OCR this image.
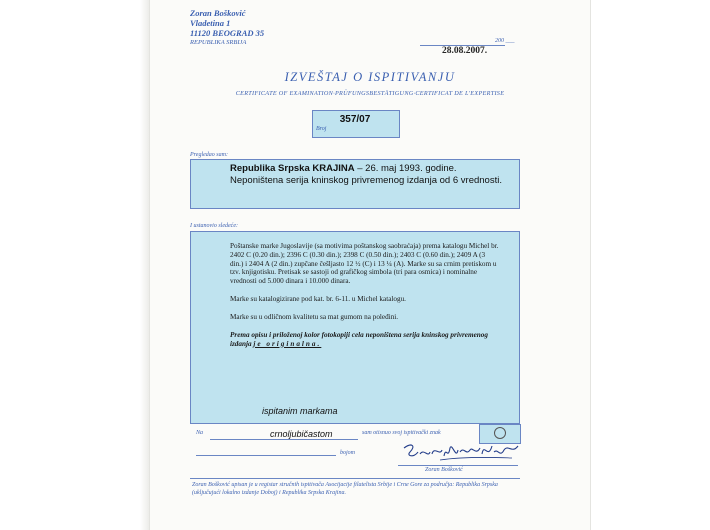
Zoran Bošković
Vladetina 1
11120 BEOGRAD 35
REPUBLIKA SRBIJA	200 ___
28.08.2007.
IZVEŠTAJ O ISPITIVANJU
CERTIFICATE OF EXAMINATION·PRÜFUNGSBESTÄTIGUNG·CERTIFICAT DE L'EXPERTISE
357/07
Broj
Pregledao sam:
Republika Srpska KRAJINA – 26. maj 1993. godine.
Neponištena serija kninskog privremenog izdanja od 6 vrednosti.
I ustanovio sledeće:
Poštanske marke Jugoslavije (sa motivima poštanskog saobraćaja) prema katalogu Michel br. 2402 C (0.20 din.); 2396 C (0.30 din.); 2398 C (0.50 din.); 2403 C (0.60 din.); 2409 A (3 din.) i 2404 A (2 din.) zupčane češljasto 12 ½ (C) i 13 ¼ (A). Marke su sa crnim pretiskom u tzv. knjigotisku. Pretisak se sastoji od grafičkog simbola (tri para osmica) i nominalne vrednosti od 5.000 dinara i 10.000 dinara.
Marke su katalogizirane pod kat. br. 6-11. u Michel katalogu.
Marke su u odličnom kvalitetu sa mat gumom na poleđini.
Prema opisu i priloženoj kolor fotokopiji cela neponištena serija kninskog privremenog izdanja je originalna.
ispitanim markama
Na	crnoljubičastom	sam otisnuo svoj ispitivački znak
bojom
Zoran Bošković
Zoran Bošković upisan je u registar stručnih ispitivača Asocijacije filatelista Srbije i Crne Gore za područja: Republika Srpska (uključujući lokalno izdanje Doboj) i Republika Srpska Krajina.
